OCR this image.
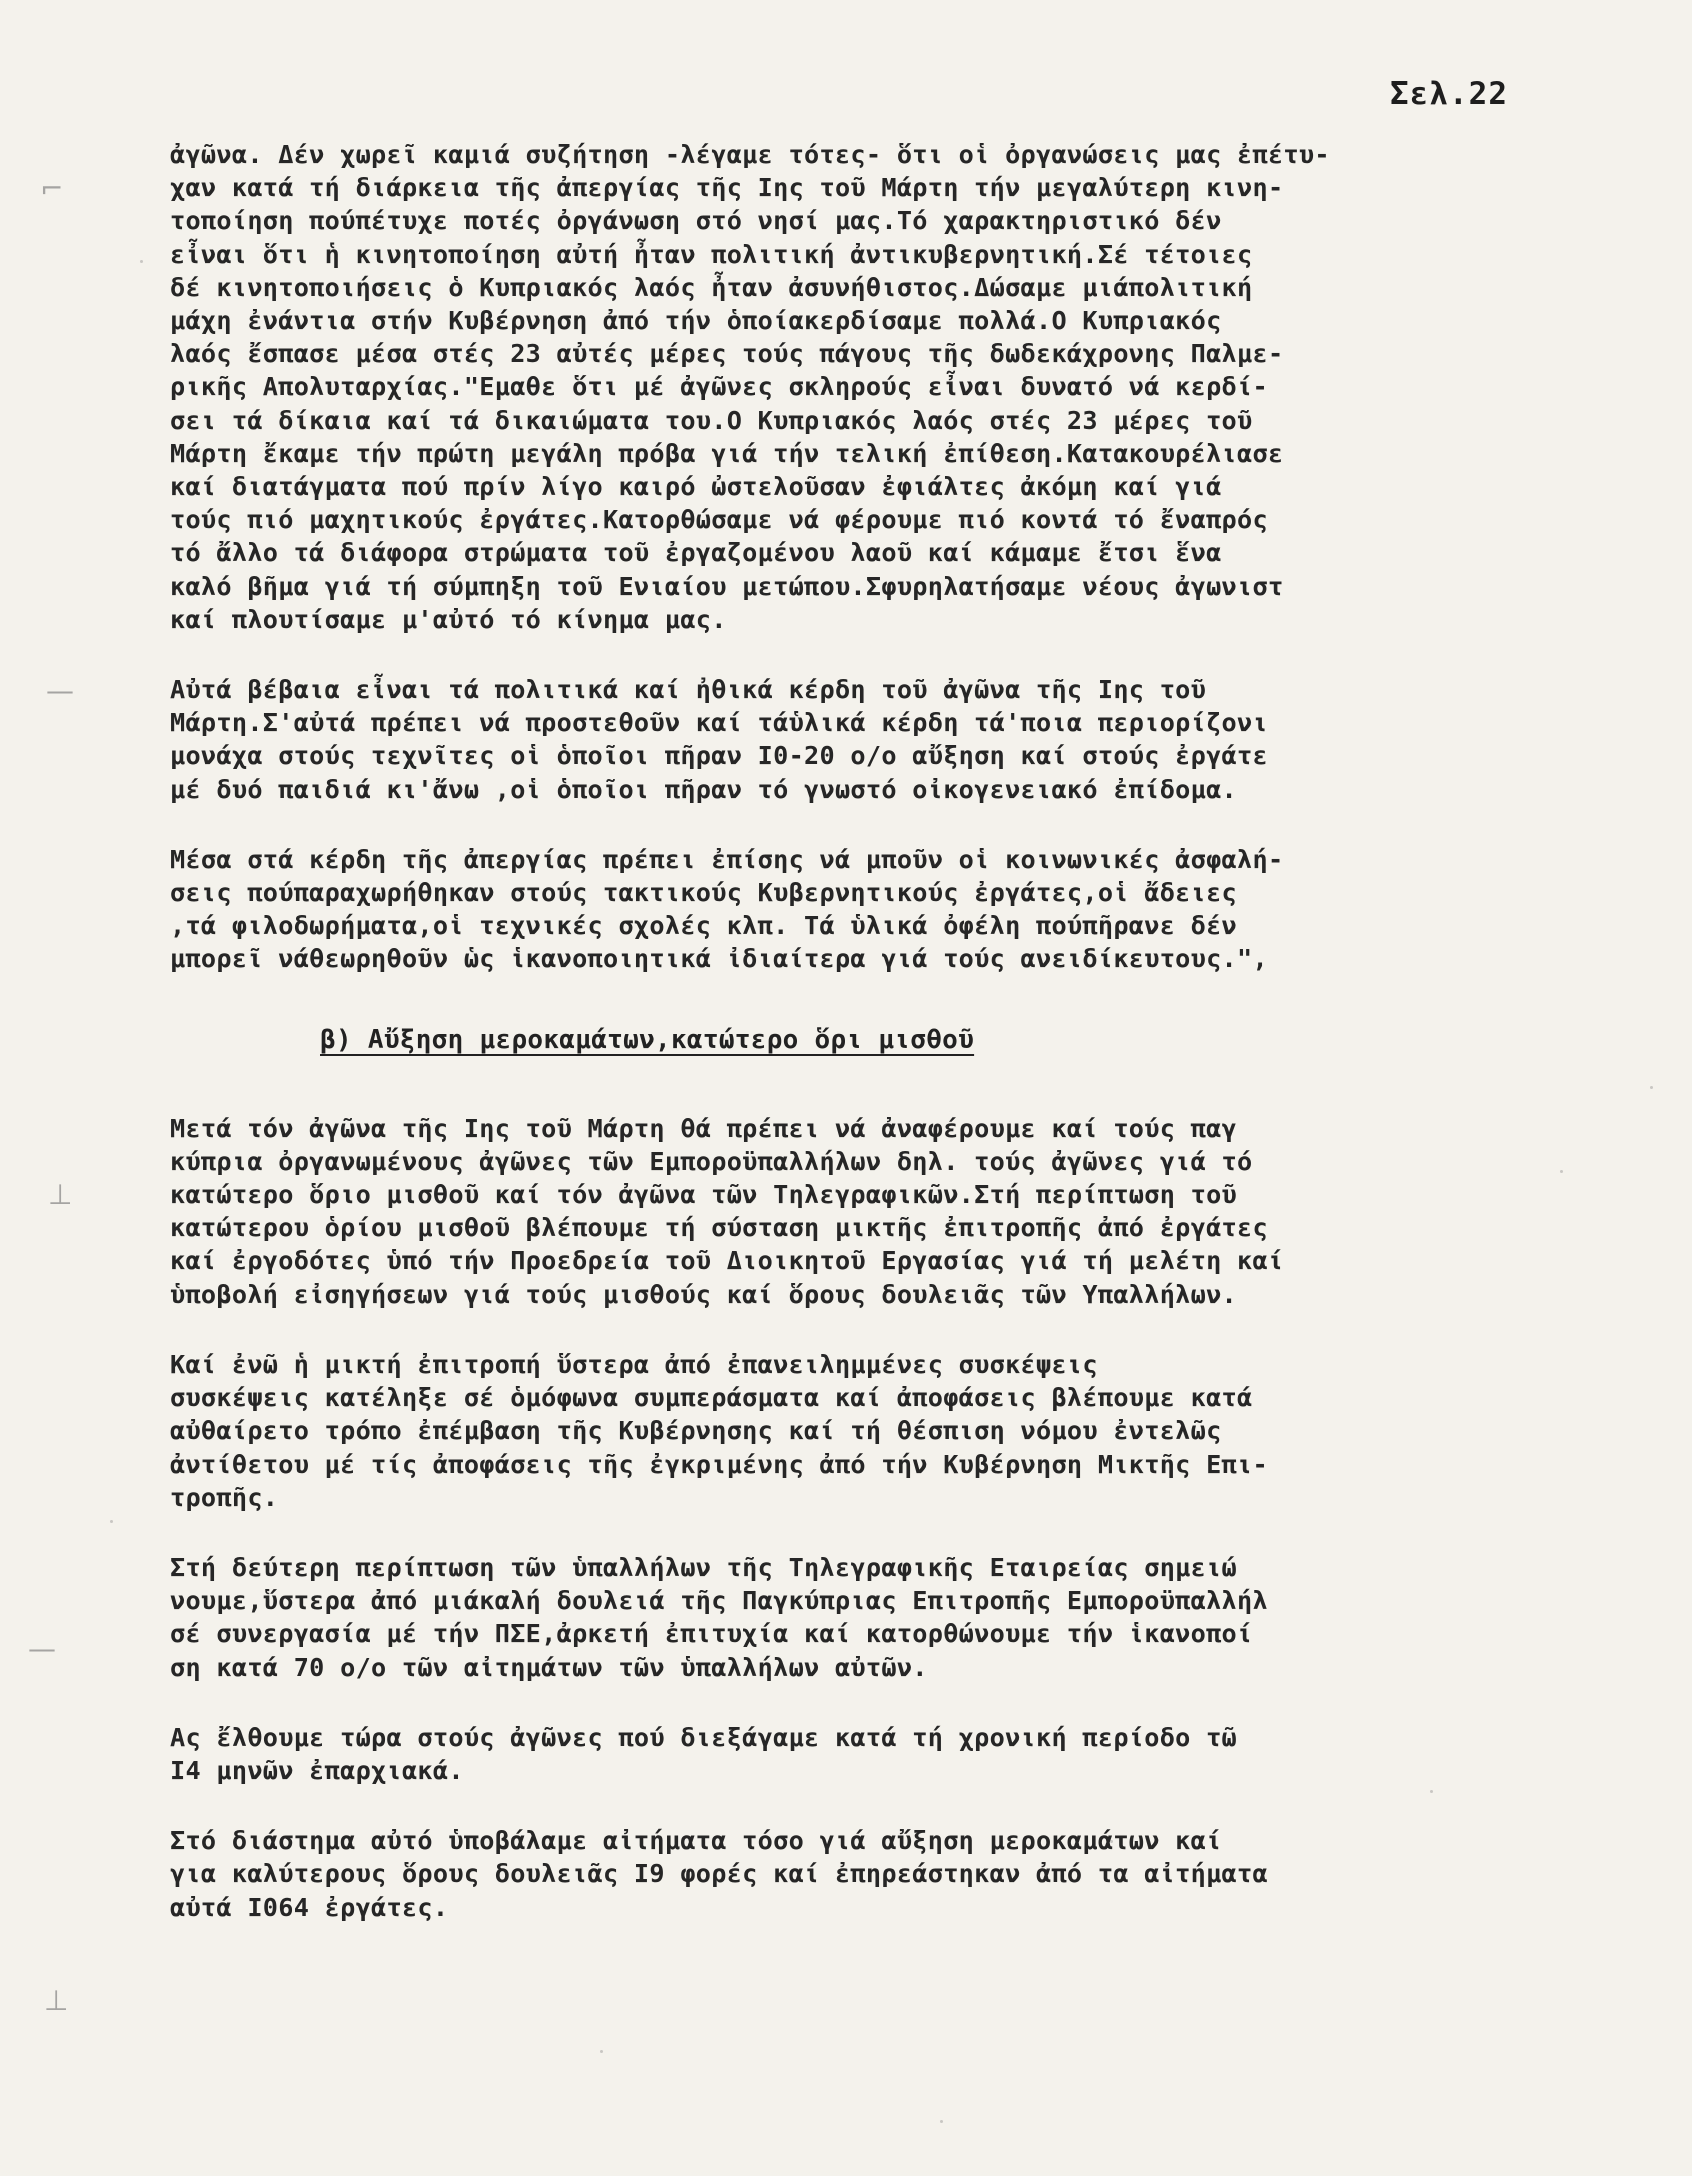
Σελ.22

ἀγῶνα. Δέν χωρεῖ καμιά συζήτηση -λέγαμε τότες- ὅτι οἱ ὀργανώσεις μας ἐπέτυ-
χαν κατά τή διάρκεια τῆς ἀπεργίας τῆς Ιης τοῦ Μάρτη τήν μεγαλύτερη κινη-
τοποίηση πούπέτυχε ποτές ὀργάνωση στό νησί μας.Τό χαρακτηριστικό δέν
εἶναι ὅτι ἡ κινητοποίηση αὐτή ἦταν πολιτική ἀντικυβερνητική.Σέ τέτοιες
δέ κινητοποιήσεις ὁ Κυπριακός λαός ἦταν ἀσυνήθιστος.Δώσαμε μιάπολιτική
μάχη ἐνάντια στήν Κυβέρνηση ἀπό τήν ὁποίακερδίσαμε πολλά.Ο Κυπριακός
λαός ἔσπασε μέσα στές 23 αὐτές μέρες τούς πάγους τῆς δωδεκάχρονης Παλμε-
ρικῆς Απολυταρχίας."Εμαθε ὅτι μέ ἀγῶνες σκληρούς εἶναι δυνατό νά κερδί-
σει τά δίκαια καί τά δικαιώματα του.Ο Κυπριακός λαός στές 23 μέρες τοῦ
Μάρτη ἔκαμε τήν πρώτη μεγάλη πρόβα γιά τήν τελική ἐπίθεση.Κατακουρέλιασε
καί διατάγματα πού πρίν λίγο καιρό ὠστελοῦσαν ἐφιάλτες ἀκόμη καί γιά
τούς πιό μαχητικούς ἐργάτες.Κατορθώσαμε νά φέρουμε πιό κοντά τό ἔναπρός
τό ἄλλο τά διάφορα στρώματα τοῦ ἐργαζομένου λαοῦ καί κάμαμε ἔτσι ἕνα
καλό βῆμα γιά τή σύμπηξη τοῦ Ενιαίου μετώπου.Σφυρηλατήσαμε νέους ἀγωνιστ
καί πλουτίσαμε μ'αὐτό τό κίνημα μας.

Αὐτά βέβαια εἶναι τά πολιτικά καί ἠθικά κέρδη τοῦ ἀγῶνα τῆς Ιης τοῦ
Μάρτη.Σ'αὐτά πρέπει νά προστεθοῦν καί τάὑλικά κέρδη τά'ποια περιορίζονι
μονάχα στούς τεχνῖτες οἱ ὁποῖοι πῆραν Ι0-20 ο/ο αὔξηση καί στούς ἐργάτε
μέ δυό παιδιά κι'ἄνω ,οἱ ὁποῖοι πῆραν τό γνωστό οἰκογενειακό ἐπίδομα.

Μέσα στά κέρδη τῆς ἀπεργίας πρέπει ἐπίσης νά μποῦν οἱ κοινωνικές ἀσφαλή-
σεις πούπαραχωρήθηκαν στούς τακτικούς Κυβερνητικούς ἐργάτες,οἱ ἄδειες
,τά φιλοδωρήματα,οἱ τεχνικές σχολές κλπ. Τά ὑλικά ὀφέλη πούπῆρανε δέν
μπορεῖ νάθεωρηθοῦν ὡς ἱκανοποιητικά ἰδιαίτερα γιά τούς ανειδίκευτους.",

β) Αὔξηση μεροκαμάτων,κατώτερο ὅρι μισθοῦ

Μετά τόν ἀγῶνα τῆς Ιης τοῦ Μάρτη θά πρέπει νά ἀναφέρουμε καί τούς παγ
κύπρια ὀργανωμένους ἀγῶνες τῶν Εμποροϋπαλλήλων δηλ. τούς ἀγῶνες γιά τό
κατώτερο ὅριο μισθοῦ καί τόν ἀγῶνα τῶν Τηλεγραφικῶν.Στή περίπτωση τοῦ
κατώτερου ὁρίου μισθοῦ βλέπουμε τή σύσταση μικτῆς ἐπιτροπῆς ἀπό ἐργάτες
καί ἐργοδότες ὑπό τήν Προεδρεία τοῦ Διοικητοῦ Εργασίας γιά τή μελέτη καί
ὑποβολή εἰσηγήσεων γιά τούς μισθούς καί ὅρους δουλειᾶς τῶν Υπαλλήλων.

Καί ἐνῶ ἡ μικτή ἐπιτροπή ὕστερα ἀπό ἐπανειλημμένες συσκέψεις
συσκέψεις κατέληξε σέ ὁμόφωνα συμπεράσματα καί ἀποφάσεις βλέπουμε κατά
αὐθαίρετο τρόπο ἐπέμβαση τῆς Κυβέρνησης καί τή θέσπιση νόμου ἐντελῶς
ἀντίθετου μέ τίς ἀποφάσεις τῆς ἐγκριμένης ἀπό τήν Κυβέρνηση Μικτῆς Επι-
τροπῆς.

Στή δεύτερη περίπτωση τῶν ὑπαλλήλων τῆς Τηλεγραφικῆς Εταιρείας σημειώ
νουμε,ὕστερα ἀπό μιάκαλή δουλειά τῆς Παγκύπριας Επιτροπῆς Εμποροϋπαλλήλ
σέ συνεργασία μέ τήν ΠΣΕ,ἀρκετή ἐπιτυχία καί κατορθώνουμε τήν ἱκανοποί
ση κατά 70 ο/ο τῶν αἰτημάτων τῶν ὑπαλλήλων αὐτῶν.

Ας ἔλθουμε τώρα στούς ἀγῶνες πού διεξάγαμε κατά τή χρονική περίοδο τῶ
Ι4 μηνῶν ἐπαρχιακά.

Στό διάστημα αὐτό ὑποβάλαμε αἰτήματα τόσο γιά αὔξηση μεροκαμάτων καί
για καλύτερους ὅρους δουλειᾶς Ι9 φορές καί ἐπηρεάστηκαν ἀπό τα αἰτήματα
αὐτά Ι064 ἐργάτες.

⌐
—
⊥
—
⊥
